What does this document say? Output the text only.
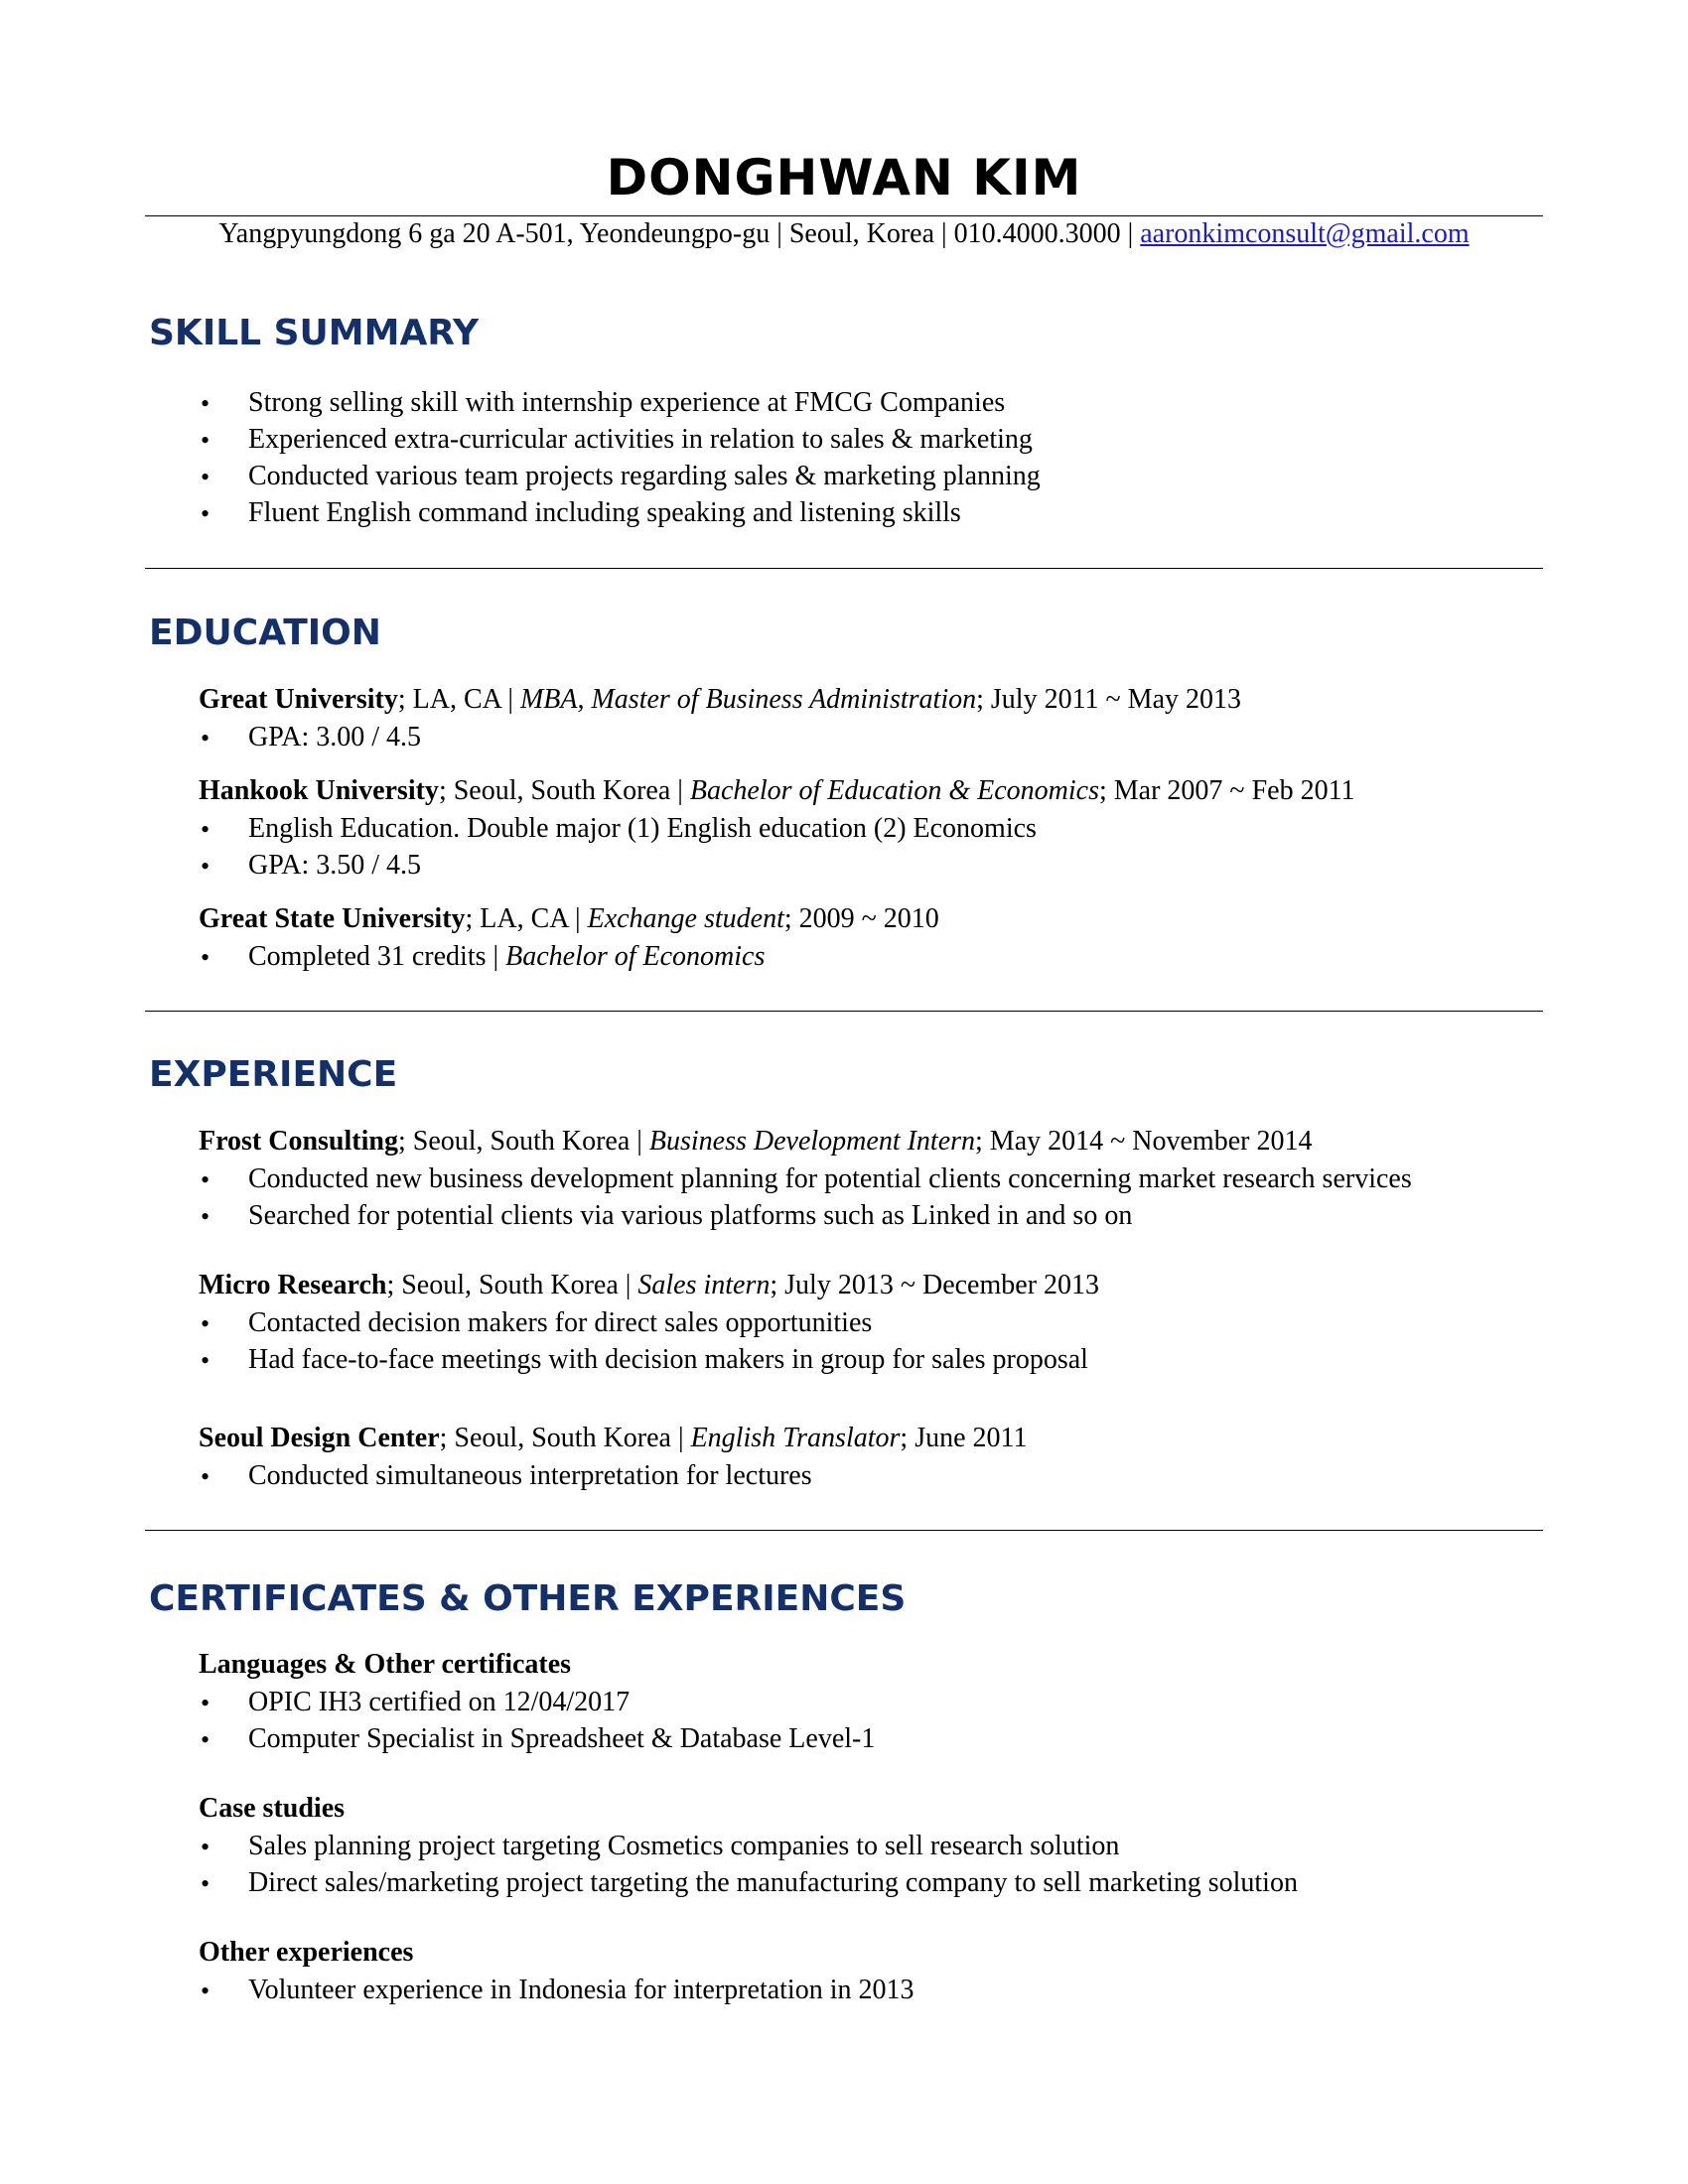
DONGHWAN KIM
Yangpyungdong 6 ga 20 A-501, Yeondeungpo-gu | Seoul, Korea | 010.4000.3000 | aaronkimconsult@gmail.com
SKILL SUMMARY
• Strong selling skill with internship experience at FMCG Companies
• Experienced extra-curricular activities in relation to sales & marketing
• Conducted various team projects regarding sales & marketing planning
• Fluent English command including speaking and listening skills
EDUCATION
Great University; LA, CA | MBA, Master of Business Administration; July 2011 ~ May 2013
• GPA: 3.00 / 4.5
Hankook University; Seoul, South Korea | Bachelor of Education & Economics; Mar 2007 ~ Feb 2011
• English Education. Double major (1) English education (2) Economics
• GPA: 3.50 / 4.5
Great State University; LA, CA | Exchange student; 2009 ~ 2010
• Completed 31 credits | Bachelor of Economics
EXPERIENCE
Frost Consulting; Seoul, South Korea | Business Development Intern; May 2014 ~ November 2014
• Conducted new business development planning for potential clients concerning market research services
• Searched for potential clients via various platforms such as Linked in and so on
Micro Research; Seoul, South Korea | Sales intern; July 2013 ~ December 2013
• Contacted decision makers for direct sales opportunities
• Had face-to-face meetings with decision makers in group for sales proposal
Seoul Design Center; Seoul, South Korea | English Translator; June 2011
• Conducted simultaneous interpretation for lectures
CERTIFICATES & OTHER EXPERIENCES
Languages & Other certificates
• OPIC IH3 certified on 12/04/2017
• Computer Specialist in Spreadsheet & Database Level-1
Case studies
• Sales planning project targeting Cosmetics companies to sell research solution
• Direct sales/marketing project targeting the manufacturing company to sell marketing solution
Other experiences
• Volunteer experience in Indonesia for interpretation in 2013
